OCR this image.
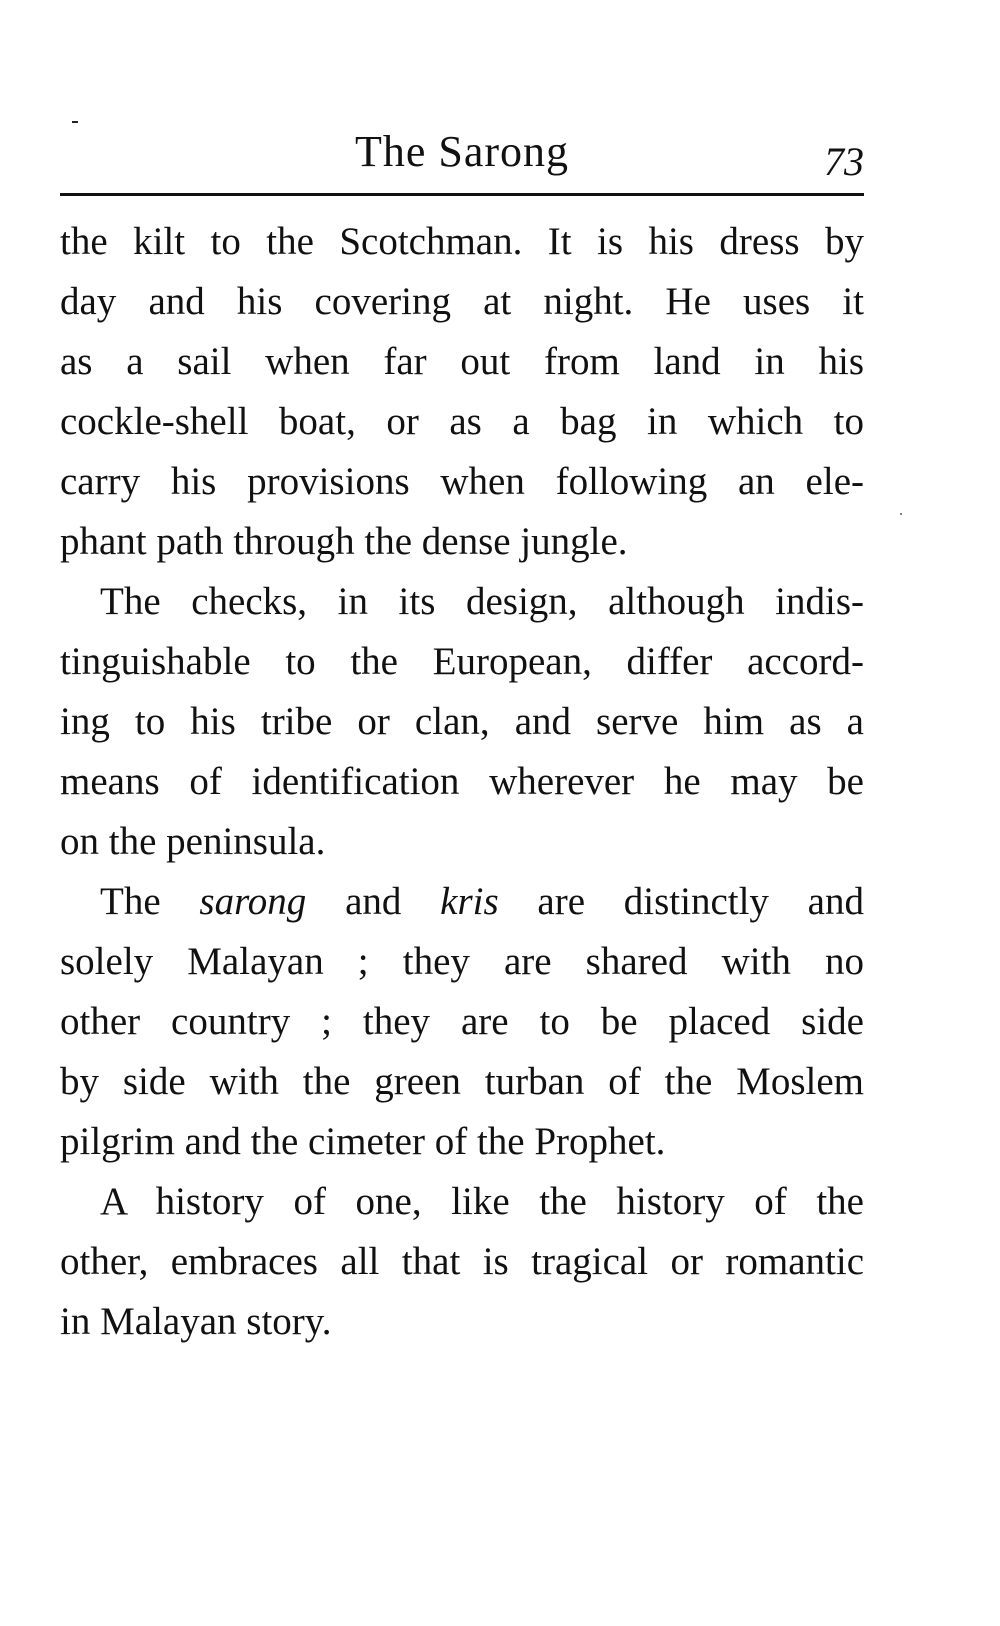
The Sarong	73
the kilt to the Scotchman. It is his dress by
day and his covering at night. He uses it
as a sail when far out from land in his
cockle-shell boat, or as a bag in which to
carry his provisions when following an ele-
phant path through the dense jungle.
The checks, in its design, although indis-
tinguishable to the European, differ accord-
ing to his tribe or clan, and serve him as a
means of identification wherever he may be
on the peninsula.
The sarong and kris are distinctly and
solely Malayan ; they are shared with no
other country ; they are to be placed side
by side with the green turban of the Moslem
pilgrim and the cimeter of the Prophet.
A history of one, like the history of the
other, embraces all that is tragical or romantic
in Malayan story.
